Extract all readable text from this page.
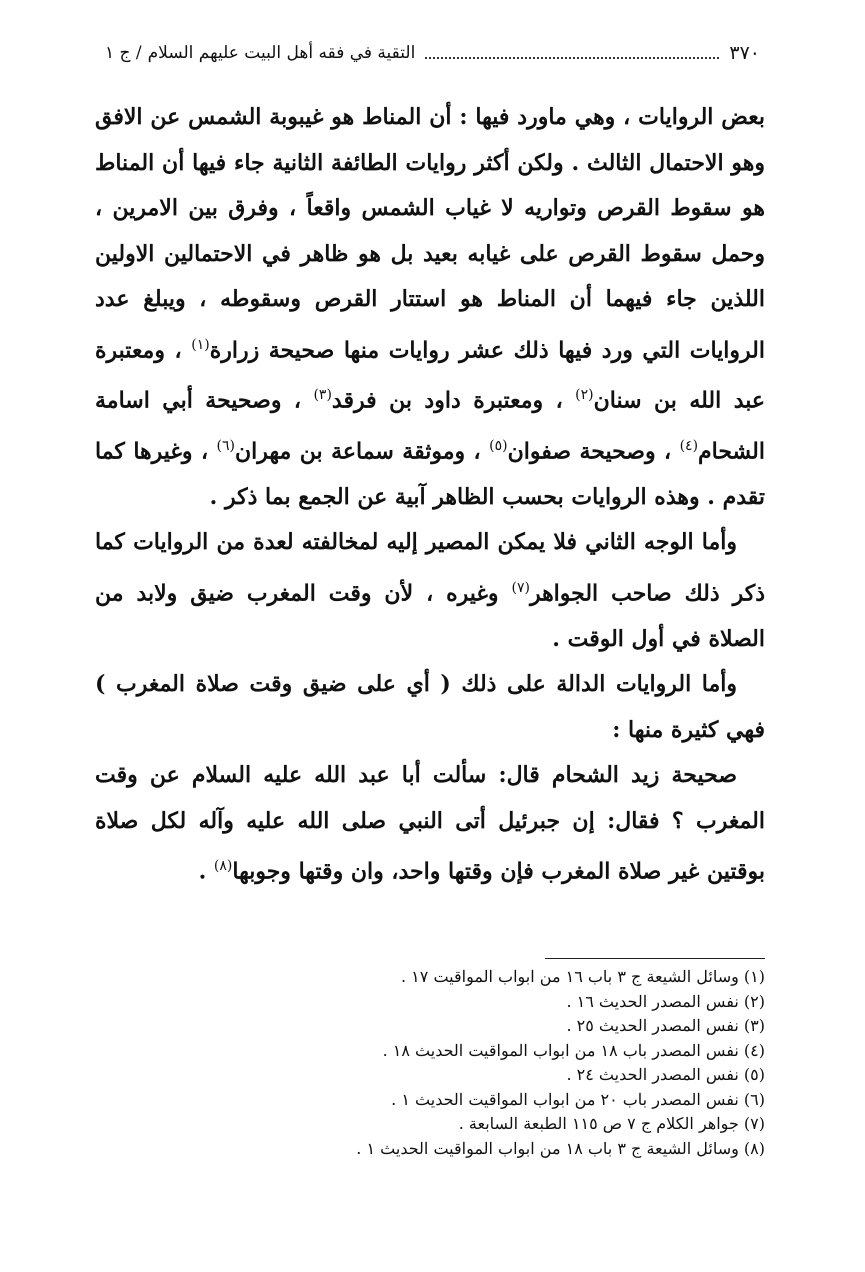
٣٧٠
التقية في فقه أهل البيت عليهم السلام
/ ج ١

بعض الروايات ، وهي ماورد فيها : أن المناط هو غيبوبة الشمس عن الافق وهو الاحتمال الثالث . ولكن أكثر روايات الطائفة الثانية جاء فيها أن المناط هو سقوط القرص وتواريه لا غياب الشمس واقعاً ، وفرق بين الامرين ، وحمل سقوط القرص على غيابه بعيد بل هو ظاهر في الاحتمالين الاولين اللذين جاء فيهما أن المناط هو استتار القرص وسقوطه ، ويبلغ عدد الروايات التي ورد فيها ذلك عشر روايات منها صحيحة زرارة$^{(١)}$ ، ومعتبرة عبد الله بن سنان$^{(٢)}$ ، ومعتبرة داود بن فرقد$^{(٣)}$ ، وصحيحة أبي اسامة الشحام$^{(٤)}$ ، وصحيحة صفوان$^{(٥)}$ ، وموثقة سماعة بن مهران$^{(٦)}$ ، وغيرها كما تقدم . وهذه الروايات بحسب الظاهر آبية عن الجمع بما ذكر .

وأما الوجه الثاني فلا يمكن المصير إليه لمخالفته لعدة من الروايات كما ذكر ذلك صاحب الجواهر$^{(٧)}$ وغيره ، لأن وقت المغرب ضيق ولابد من الصلاة في أول الوقت .

وأما الروايات الدالة على ذلك ( أي على ضيق وقت صلاة المغرب ) فهي كثيرة منها :

صحيحة زيد الشحام قال: سألت أبا عبد الله عليه السلام عن وقت المغرب ؟ فقال: إن جبرئيل أتى النبي صلى الله عليه وآله لكل صلاة بوقتين غير صلاة المغرب فإن وقتها واحد، وان وقتها وجوبها$^{(٨)}$ .

(١) وسائل الشيعة ج ٣ باب ١٦ من ابواب المواقيت ١٧ .
(٢) نفس المصدر الحديث ١٦ .
(٣) نفس المصدر الحديث ٢٥ .
(٤) نفس المصدر باب ١٨ من ابواب المواقيت الحديث ١٨ .
(٥) نفس المصدر الحديث ٢٤ .
(٦) نفس المصدر باب ٢٠ من ابواب المواقيت الحديث ١ .
(٧) جواهر الكلام ج ٧ ص ١١٥ الطبعة السابعة .
(٨) وسائل الشيعة ج ٣ باب ١٨ من ابواب المواقيت الحديث ١ .
